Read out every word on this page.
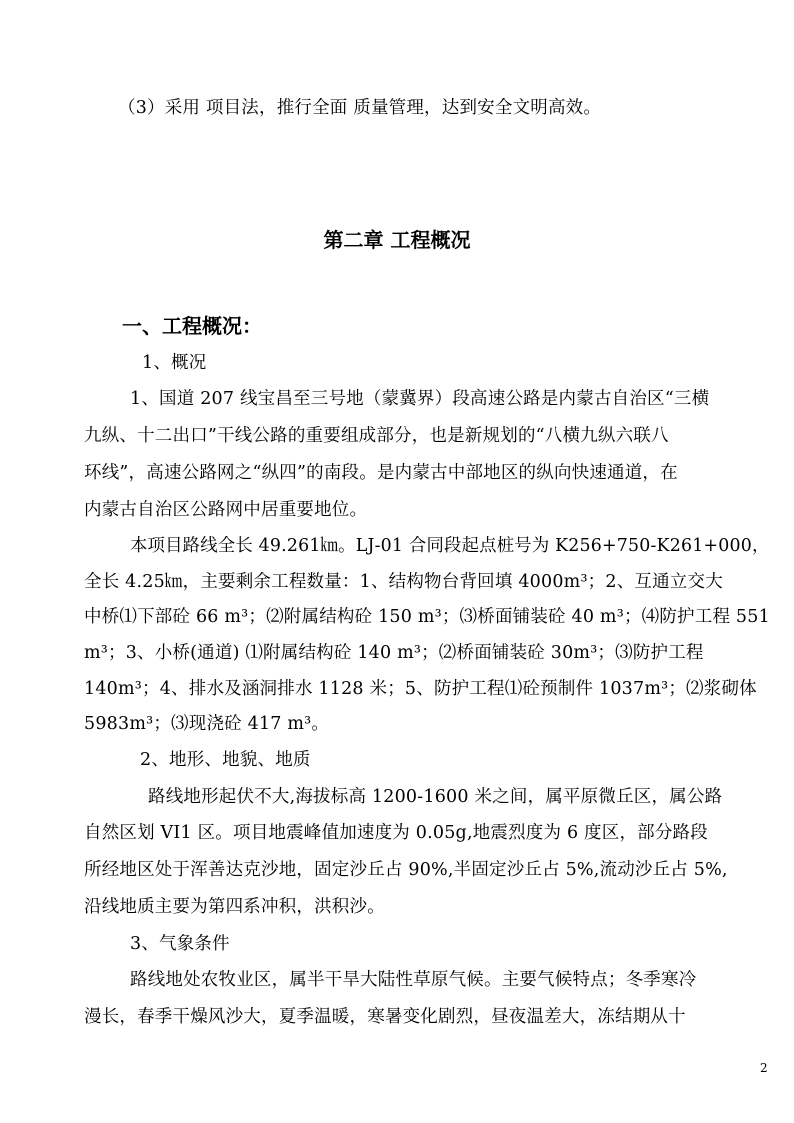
（3）采用 项目法，推行全面 质量管理，达到安全文明高效。
第二章 工程概况
一、工程概况：
1、概况
1、国道 207 线宝昌至三号地（蒙冀界）段高速公路是内蒙古自治区“三横
九纵、十二出口”干线公路的重要组成部分，也是新规划的“八横九纵六联八
环线”，高速公路网之“纵四”的南段。是内蒙古中部地区的纵向快速通道，在
内蒙古自治区公路网中居重要地位。
本项目路线全长 49.261㎞。LJ-01 合同段起点桩号为 K256+750-K261+000，
全长 4.25㎞，主要剩余工程数量：1、结构物台背回填 4000m³；2、互通立交大
中桥⑴下部砼 66 m³；⑵附属结构砼 150 m³；⑶桥面铺装砼 40 m³；⑷防护工程 551
m³；3、小桥(通道) ⑴附属结构砼 140 m³；⑵桥面铺装砼 30m³；⑶防护工程
140m³；4、排水及涵洞排水 1128 米；5、防护工程⑴砼预制件 1037m³；⑵浆砌体
5983m³；⑶现浇砼 417 m³。
2、地形、地貌、地质
路线地形起伏不大,海拔标高 1200-1600 米之间，属平原微丘区，属公路
自然区划 VI1 区。项目地震峰值加速度为 0.05g,地震烈度为 6 度区，部分路段
所经地区处于浑善达克沙地，固定沙丘占 90%,半固定沙丘占 5%,流动沙丘占 5%,
沿线地质主要为第四系冲积，洪积沙。
3、气象条件
路线地处农牧业区，属半干旱大陆性草原气候。主要气候特点；冬季寒冷
漫长，春季干燥风沙大，夏季温暖，寒暑变化剧烈，昼夜温差大，冻结期从十
2
